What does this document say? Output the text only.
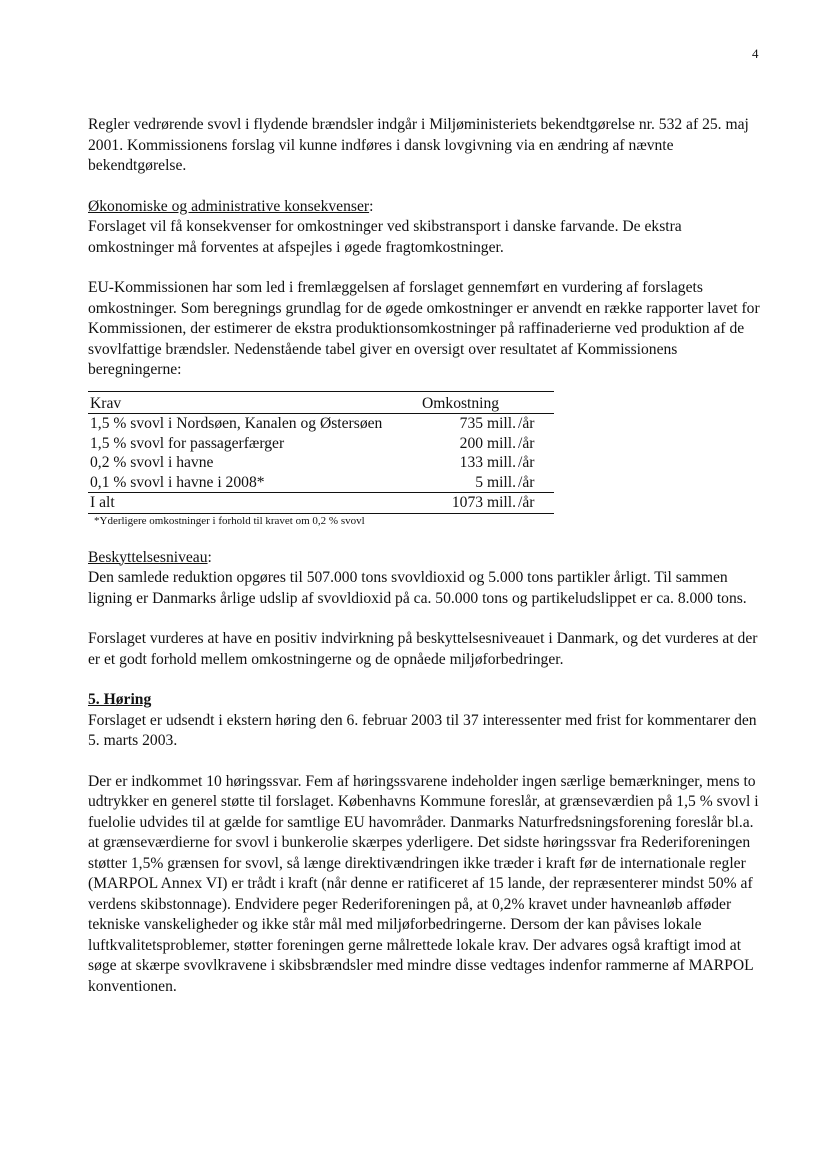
4

Regler vedrørende svovl i flydende brændsler indgår i Miljøministeriets bekendtgørelse nr. 532 af 25. maj 2001. Kommissionens forslag vil kunne indføres i dansk lovgivning via en ændring af nævnte bekendtgørelse.

Økonomiske og administrative konsekvenser:

Forslaget vil få konsekvenser for omkostninger ved skibstransport i danske farvande. De ekstra omkostninger må forventes at afspejles i øgede fragtomkostninger.

EU-Kommissionen har som led i fremlæggelsen af forslaget gennemført en vurdering af forslagets omkostninger. Som beregnings grundlag for de øgede omkostninger er anvendt en række rapporter lavet for Kommissionen, der estimerer de ekstra produktionsomkostninger på raffinaderierne ved produktion af de svovlfattige brændsler. Nedenstående tabel giver en oversigt over resultatet af Kommissionens beregningerne:

Krav	Omkostning	
1,5 % svovl i Nordsøen, Kanalen og Østersøen	735 mill.	/år
1,5 % svovl for passagerfærger	200 mill.	/år
0,2 % svovl i havne	133 mill.	/år
0,1 % svovl i havne i 2008*	5 mill.	/år
I alt	1073 mill.	/år

*Yderligere omkostninger i forhold til kravet om 0,2 % svovl

Beskyttelsesniveau:

Den samlede reduktion opgøres til 507.000 tons svovldioxid og 5.000 tons partikler årligt. Til sammen ligning er Danmarks årlige udslip af svovldioxid på ca. 50.000 tons og partikeludslippet er ca. 8.000 tons.

Forslaget vurderes at have en positiv indvirkning på beskyttelsesniveauet i Danmark, og det vurderes at der er et godt forhold mellem omkostningerne og de opnåede miljøforbedringer.

5. Høring

Forslaget er udsendt i ekstern høring den 6. februar 2003 til 37 interessenter med frist for kommentarer den 5. marts 2003.

Der er indkommet 10 høringssvar. Fem af høringssvarene indeholder ingen særlige bemærkninger, mens to udtrykker en generel støtte til forslaget. Københavns Kommune foreslår, at grænseværdien på 1,5 % svovl i fuelolie udvides til at gælde for samtlige EU havområder. Danmarks Naturfredsningsforening foreslår bl.a. at grænseværdierne for svovl i bunkerolie skærpes yderligere. Det sidste høringssvar fra Rederiforeningen støtter 1,5% grænsen for svovl, så længe direktivændringen ikke træder i kraft før de internationale regler (MARPOL Annex VI) er trådt i kraft (når denne er ratificeret af 15 lande, der repræsenterer mindst 50% af verdens skibstonnage). Endvidere peger Rederiforeningen på, at 0,2% kravet under havneanløb afføder tekniske vanskeligheder og ikke står mål med miljøforbedringerne. Dersom der kan påvises lokale luftkvalitetsproblemer, støtter foreningen gerne målrettede lokale krav. Der advares også kraftigt imod at søge at skærpe svovlkravene i skibsbrændsler med mindre disse vedtages indenfor rammerne af MARPOL konventionen.
